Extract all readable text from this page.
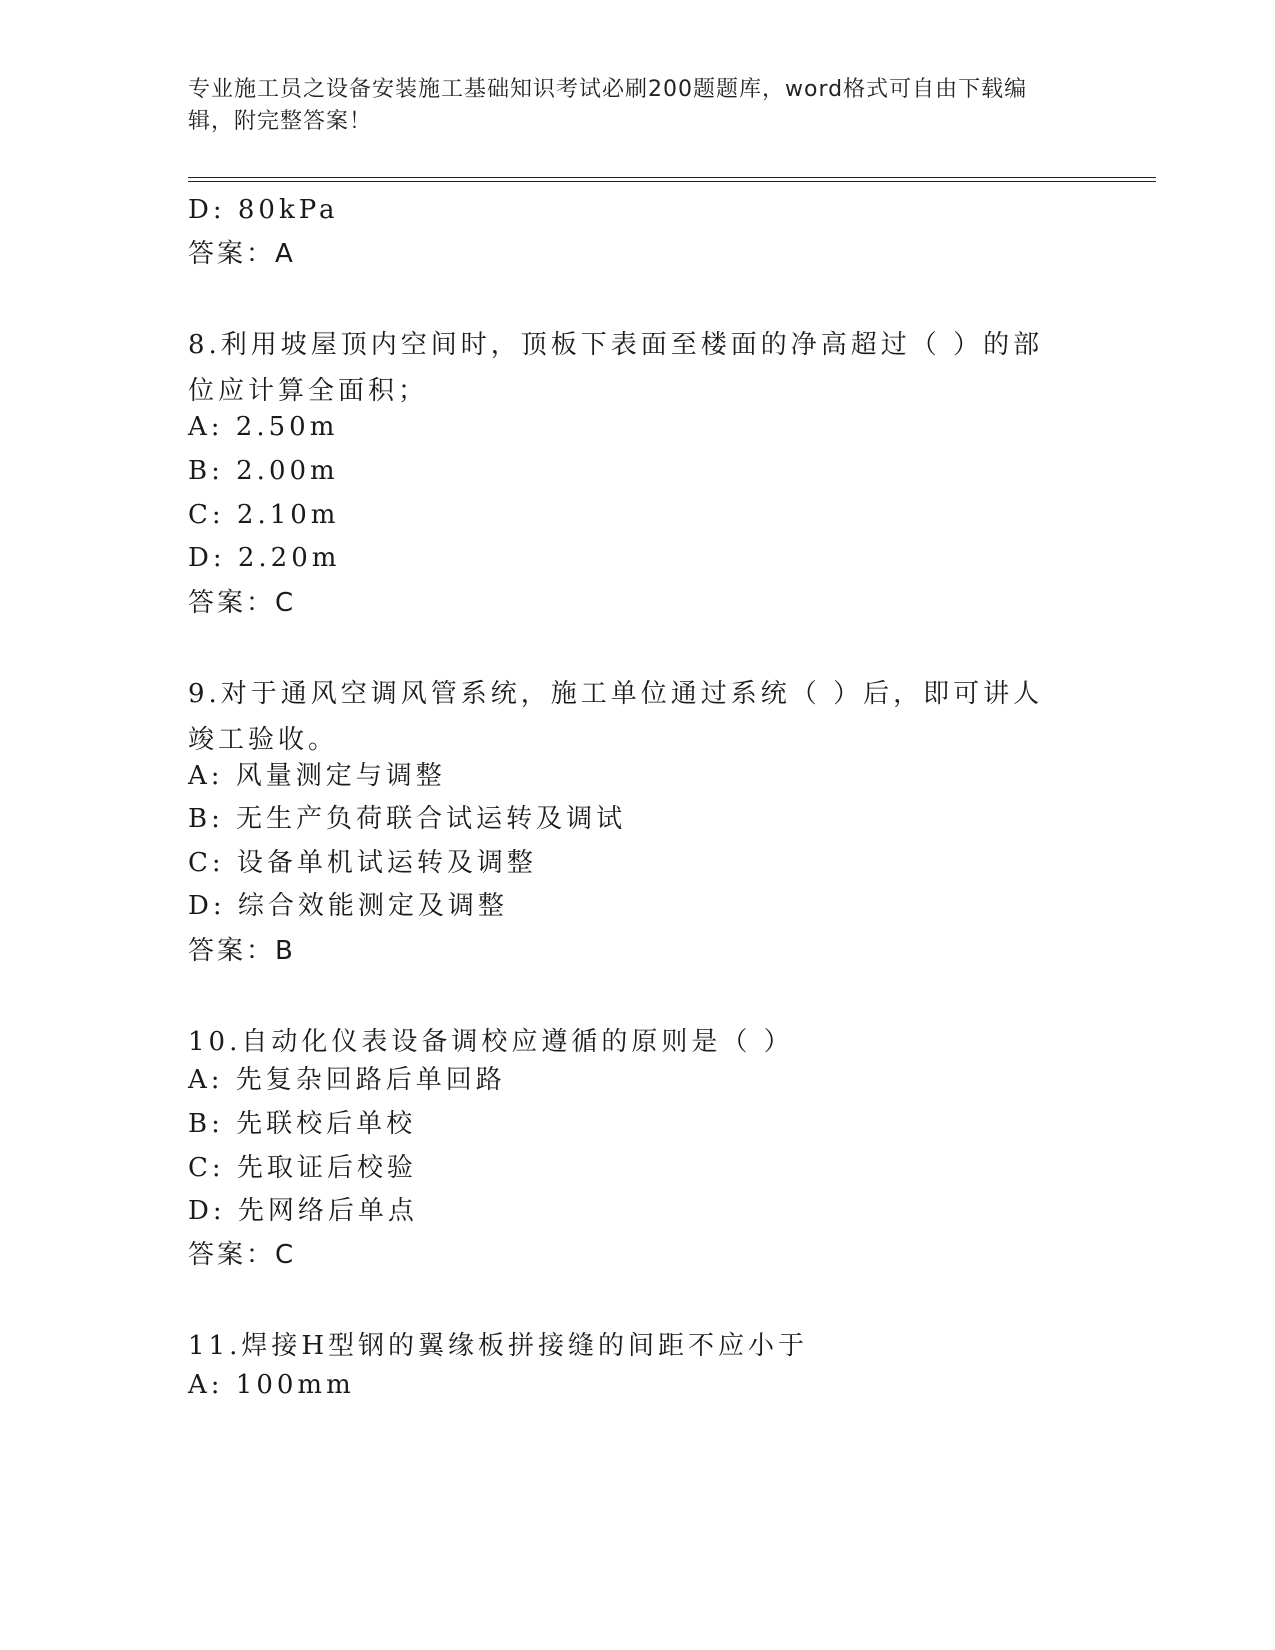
专业施工员之设备安装施工基础知识考试必刷200题题库，word格式可自由下载编辑，附完整答案！
D: 80kPa
答案：A
8.利用坡屋顶内空间时，顶板下表面至楼面的净高超过（ ）的部位应计算全面积；
A: 2.50m
B: 2.00m
C: 2.10m
D: 2.20m
答案：C
9.对于通风空调风管系统，施工单位通过系统（ ）后，即可讲人竣工验收。
A: 风量测定与调整
B: 无生产负荷联合试运转及调试
C: 设备单机试运转及调整
D: 综合效能测定及调整
答案：B
10.自动化仪表设备调校应遵循的原则是（ ）
A: 先复杂回路后单回路
B: 先联校后单校
C: 先取证后校验
D: 先网络后单点
答案：C
11.焊接H型钢的翼缘板拼接缝的间距不应小于
A: 100mm
